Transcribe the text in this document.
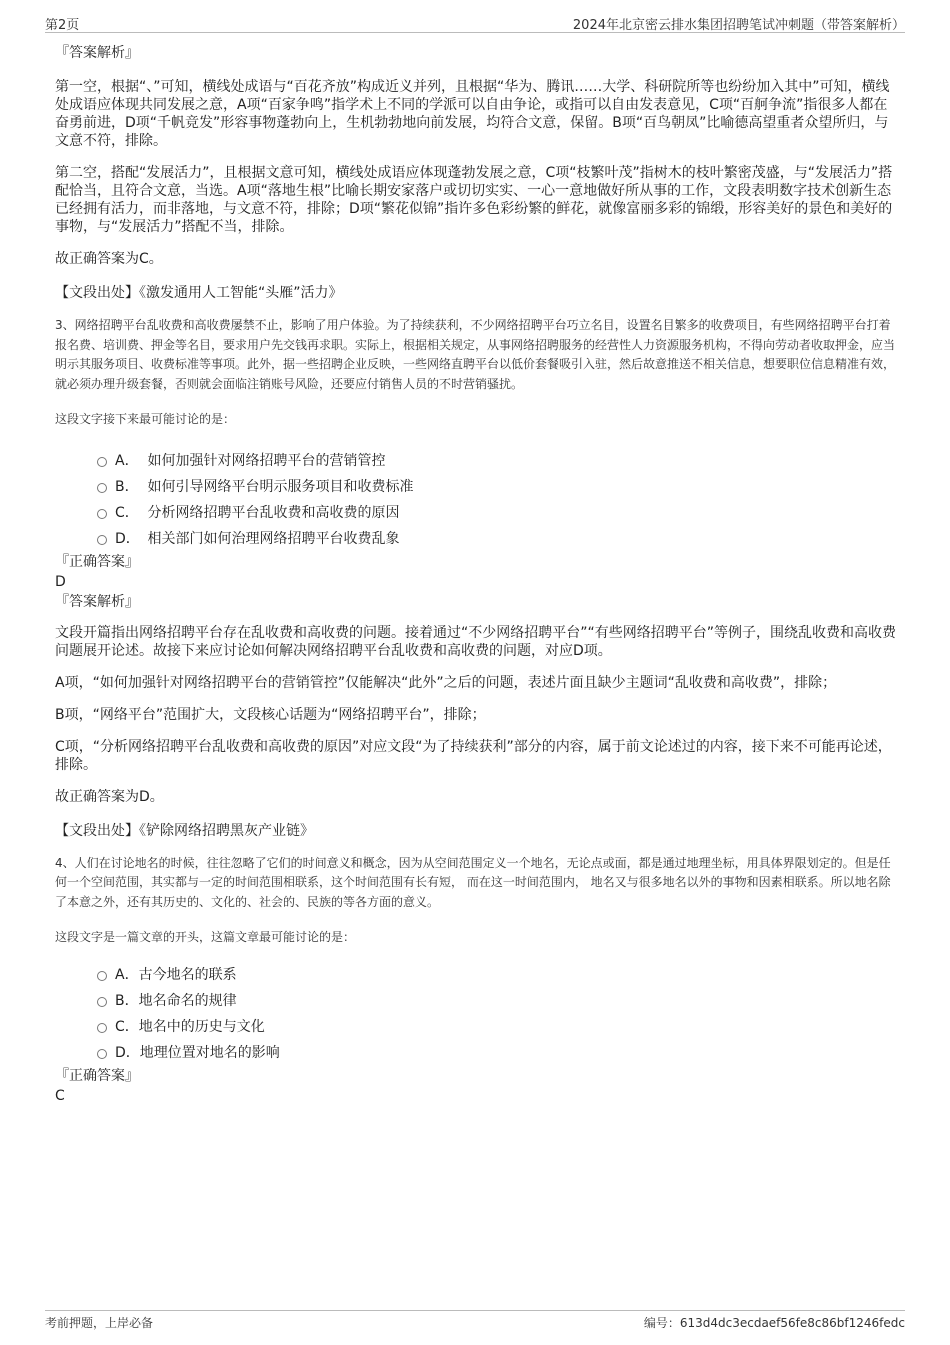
第2页	2024年北京密云排水集团招聘笔试冲刺题（带答案解析）

『答案解析』

第一空，根据“、”可知，横线处成语与“百花齐放”构成近义并列，且根据“华为、腾讯……大学、科研院所等也纷纷加入其中”可知，横线处成语应体现共同发展之意，A项“百家争鸣”指学术上不同的学派可以自由争论，或指可以自由发表意见，C项“百舸争流”指很多人都在奋勇前进，D项“千帆竞发”形容事物蓬勃向上，生机勃勃地向前发展，均符合文意，保留。B项“百鸟朝凤”比喻德高望重者众望所归，与文意不符，排除。

第二空，搭配“发展活力”，且根据文意可知，横线处成语应体现蓬勃发展之意，C项“枝繁叶茂”指树木的枝叶繁密茂盛，与“发展活力”搭配恰当，且符合文意，当选。A项“落地生根”比喻长期安家落户或切切实实、一心一意地做好所从事的工作，文段表明数字技术创新生态已经拥有活力，而非落地，与文意不符，排除；D项“繁花似锦”指许多色彩纷繁的鲜花，就像富丽多彩的锦缎，形容美好的景色和美好的事物，与“发展活力”搭配不当，排除。

故正确答案为C。

【文段出处】《激发通用人工智能“头雁”活力》

3、网络招聘平台乱收费和高收费屡禁不止，影响了用户体验。为了持续获利，不少网络招聘平台巧立名目，设置名目繁多的收费项目，有些网络招聘平台打着报名费、培训费、押金等名目，要求用户先交钱再求职。实际上，根据相关规定，从事网络招聘服务的经营性人力资源服务机构，不得向劳动者收取押金，应当明示其服务项目、收费标准等事项。此外，据一些招聘企业反映，一些网络直聘平台以低价套餐吸引入驻，然后故意推送不相关信息，想要职位信息精准有效，就必须办理升级套餐，否则就会面临注销账号风险，还要应付销售人员的不时营销骚扰。

这段文字接下来最可能讨论的是：

A． 如何加强针对网络招聘平台的营销管控
B． 如何引导网络平台明示服务项目和收费标准
C． 分析网络招聘平台乱收费和高收费的原因
D． 相关部门如何治理网络招聘平台收费乱象

『正确答案』

D

『答案解析』

文段开篇指出网络招聘平台存在乱收费和高收费的问题。接着通过“不少网络招聘平台”“有些网络招聘平台”等例子，围绕乱收费和高收费问题展开论述。故接下来应讨论如何解决网络招聘平台乱收费和高收费的问题，对应D项。

A项，“如何加强针对网络招聘平台的营销管控”仅能解决“此外”之后的问题，表述片面且缺少主题词“乱收费和高收费”，排除；

B项，“网络平台”范围扩大，文段核心话题为“网络招聘平台”，排除；

C项，“分析网络招聘平台乱收费和高收费的原因”对应文段“为了持续获利”部分的内容，属于前文论述过的内容，接下来不可能再论述，排除。

故正确答案为D。

【文段出处】《铲除网络招聘黑灰产业链》

4、人们在讨论地名的时候，往往忽略了它们的时间意义和概念，因为从空间范围定义一个地名，无论点或面，都是通过地理坐标，用具体界限划定的。但是任何一个空间范围，其实都与一定的时间范围相联系，这个时间范围有长有短， 而在这一时间范围内， 地名又与很多地名以外的事物和因素相联系。所以地名除了本意之外，还有其历史的、文化的、社会的、民族的等各方面的意义。

这段文字是一篇文章的开头，这篇文章最可能讨论的是：

A．古今地名的联系
B．地名命名的规律
C．地名中的历史与文化
D．地理位置对地名的影响

『正确答案』

C

考前押题，上岸必备	编号：613d4dc3ecdaef56fe8c86bf1246fedc
